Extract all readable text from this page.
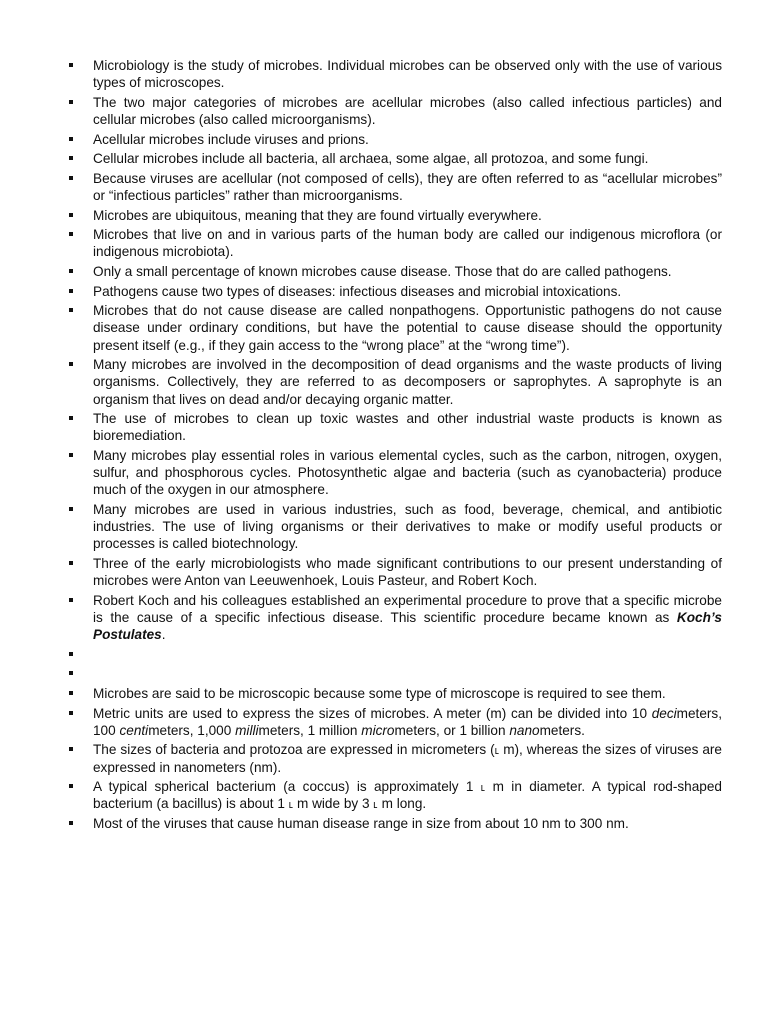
Microbiology is the study of microbes. Individual microbes can be observed only with the use of various types of microscopes.
The two major categories of microbes are acellular microbes (also called infectious particles) and cellular microbes (also called microorganisms).
Acellular microbes include viruses and prions.
Cellular microbes include all bacteria, all archaea, some algae, all protozoa, and some fungi.
Because viruses are acellular (not composed of cells), they are often referred to as “acellular microbes” or “infectious particles” rather than microorganisms.
Microbes are ubiquitous, meaning that they are found virtually everywhere.
Microbes that live on and in various parts of the human body are called our indigenous microflora (or indigenous microbiota).
Only a small percentage of known microbes cause disease. Those that do are called pathogens.
Pathogens cause two types of diseases: infectious diseases and microbial intoxications.
Microbes that do not cause disease are called nonpathogens. Opportunistic pathogens do not cause disease under ordinary conditions, but have the potential to cause disease should the opportunity present itself (e.g., if they gain access to the “wrong place” at the “wrong time”).
Many microbes are involved in the decomposition of dead organisms and the waste products of living organisms. Collectively, they are referred to as decomposers or saprophytes. A saprophyte is an organism that lives on dead and/or decaying organic matter.
The use of microbes to clean up toxic wastes and other industrial waste products is known as bioremediation.
Many microbes play essential roles in various elemental cycles, such as the carbon, nitrogen, oxygen, sulfur, and phosphorous cycles. Photosynthetic algae and bacteria (such as cyanobacteria) produce much of the oxygen in our atmosphere.
Many microbes are used in various industries, such as food, beverage, chemical, and antibiotic industries. The use of living organisms or their derivatives to make or modify useful products or processes is called biotechnology.
Three of the early microbiologists who made significant contributions to our present understanding of microbes were Anton van Leeuwenhoek, Louis Pasteur, and Robert Koch.
Robert Koch and his colleagues established an experimental procedure to prove that a specific microbe is the cause of a specific infectious disease. This scientific procedure became known as Koch’s Postulates.
Microbes are said to be microscopic because some type of microscope is required to see them.
Metric units are used to express the sizes of microbes. A meter (m) can be divided into 10 decimeters, 100 centimeters, 1,000 millimeters, 1 million micrometers, or 1 billion nanometers.
The sizes of bacteria and protozoa are expressed in micrometers (˪ m), whereas the sizes of viruses are expressed in nanometers (nm).
A typical spherical bacterium (a coccus) is approximately 1 ˪ m in diameter. A typical rod-shaped bacterium (a bacillus) is about 1 ˪ m wide by 3 ˪ m long.
Most of the viruses that cause human disease range in size from about 10 nm to 300 nm.
